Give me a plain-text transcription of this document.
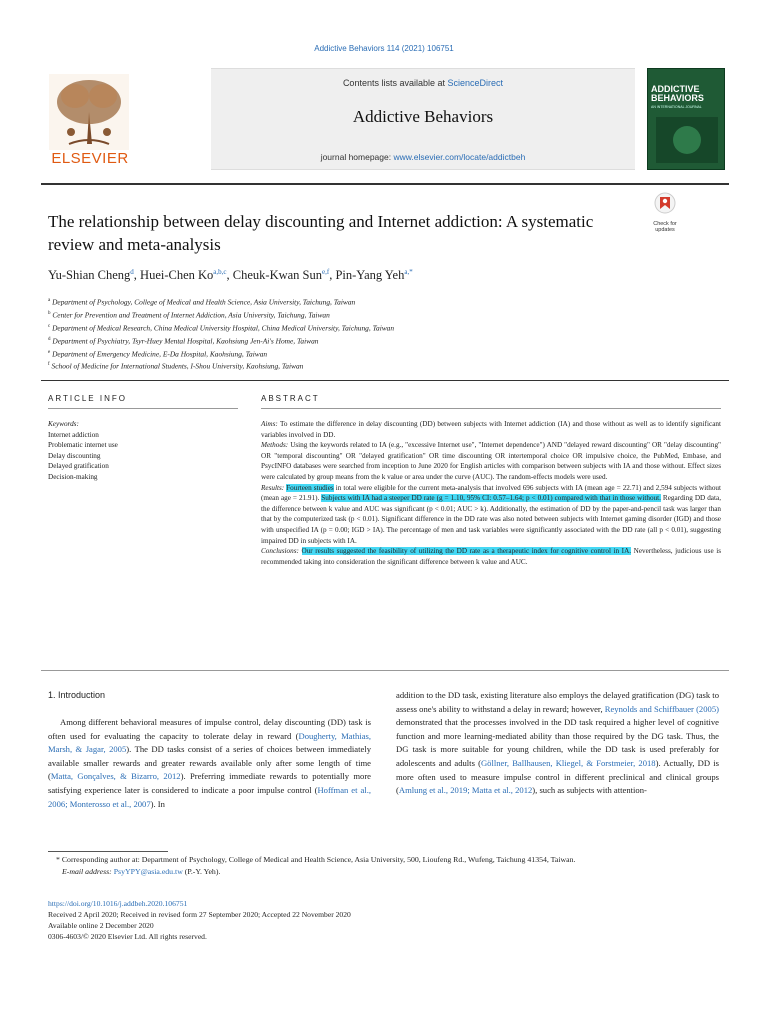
Addictive Behaviors 114 (2021) 106751
ELSEVIER
Contents lists available at ScienceDirect
Addictive Behaviors
journal homepage: www.elsevier.com/locate/addictbeh
ADDICTIVE BEHAVIORS
AN INTERNATIONAL JOURNAL
The relationship between delay discounting and Internet addiction: A systematic review and meta-analysis
Check for updates
Yu-Shian Cheng$^d$, Huei-Chen Ko$^{a,b,c}$, Cheuk-Kwan Sun$^{e,f}$, Pin-Yang Yeh$^{a,*}$
$^a$ Department of Psychology, College of Medical and Health Science, Asia University, Taichung, Taiwan
$^b$ Center for Prevention and Treatment of Internet Addiction, Asia University, Taichung, Taiwan
$^c$ Department of Medical Research, China Medical University Hospital, China Medical University, Taichung, Taiwan
$^d$ Department of Psychiatry, Tsyr-Huey Mental Hospital, Kaohsiung Jen-Ai's Home, Taiwan
$^e$ Department of Emergency Medicine, E-Da Hospital, Kaohsiung, Taiwan
$^f$ School of Medicine for International Students, I-Shou University, Kaohsiung, Taiwan
ARTICLE INFO	ABSTRACT
Keywords:
Internet addiction
Problematic internet use
Delay discounting
Delayed gratification
Decision-making

Aims: To estimate the difference in delay discounting (DD) between subjects with Internet addiction (IA) and those without as well as to identify significant variables involved in DD.

Methods: Using the keywords related to IA (e.g., "excessive Internet use", "Internet dependence") AND "delayed reward discounting" OR "delay discounting" OR "temporal discounting" OR "delayed gratification" OR time discounting OR intertemporal choice OR impulsive choice, the PubMed, Embase, and PsycINFO databases were searched from inception to June 2020 for English articles with comparison between subjects with IA and those without. Effect sizes were calculated by group means from the k value or area under the curve (AUC). The random-effects models were used.

Results: Fourteen studies in total were eligible for the current meta-analysis that involved 696 subjects with IA (mean age = 22.71) and 2,594 subjects without (mean age = 21.91). Subjects with IA had a steeper DD rate (g = 1.10, 95% CI: 0.57–1.64; p < 0.01) compared with that in those without. Regarding DD data, the difference between k value and AUC was significant (p < 0.01; AUC > k). Additionally, the estimation of DD by the paper-and-pencil task was larger than that by the computerized task (p < 0.01). Significant difference in the DD rate was also noted between subjects with Internet gaming disorder (IGD) and those with unspecified IA (p = 0.00; IGD > IA). The percentage of men and task variables were significantly associated with the DD rate (all p < 0.01), suggesting impaired DD in subjects with IA.

Conclusions: Our results suggested the feasibility of utilizing the DD rate as a therapeutic index for cognitive control in IA. Nevertheless, judicious use is recommended taking into consideration the significant difference between k value and AUC.

1. Introduction
Among different behavioral measures of impulse control, delay discounting (DD) task is often used for evaluating the capacity to tolerate delay in reward (Dougherty, Mathias, Marsh, & Jagar, 2005). The DD tasks consist of a series of choices between immediately available smaller rewards and greater rewards available only after some length of time (Matta, Gonçalves, & Bizarro, 2012). Preferring immediate rewards to potentially more satisfying experience later is considered to indicate a poor impulse control (Hoffman et al., 2006; Monterosso et al., 2007). In
addition to the DD task, existing literature also employs the delayed gratification (DG) task to assess one's ability to withstand a delay in reward; however, Reynolds and Schiffbauer (2005) demonstrated that the processes involved in the DD task required a higher level of cognitive function and more learning-mediated ability than those required by the DG task. Thus, the DG task is more suitable for young children, while the DD task is used preferably for adolescents and adults (Göllner, Ballhausen, Kliegel, & Forstmeier, 2018). Actually, DD is more often used to measure impulse control in different preclinical and clinical groups (Amlung et al., 2019; Matta et al., 2012), such as subjects with attention-
* Corresponding author at: Department of Psychology, College of Medical and Health Science, Asia University, 500, Lioufeng Rd., Wufeng, Taichung 41354, Taiwan.
E-mail address: PsyYPY@asia.edu.tw (P.-Y. Yeh).
https://doi.org/10.1016/j.addbeh.2020.106751
Received 2 April 2020; Received in revised form 27 September 2020; Accepted 22 November 2020
Available online 2 December 2020
0306-4603/© 2020 Elsevier Ltd. All rights reserved.
